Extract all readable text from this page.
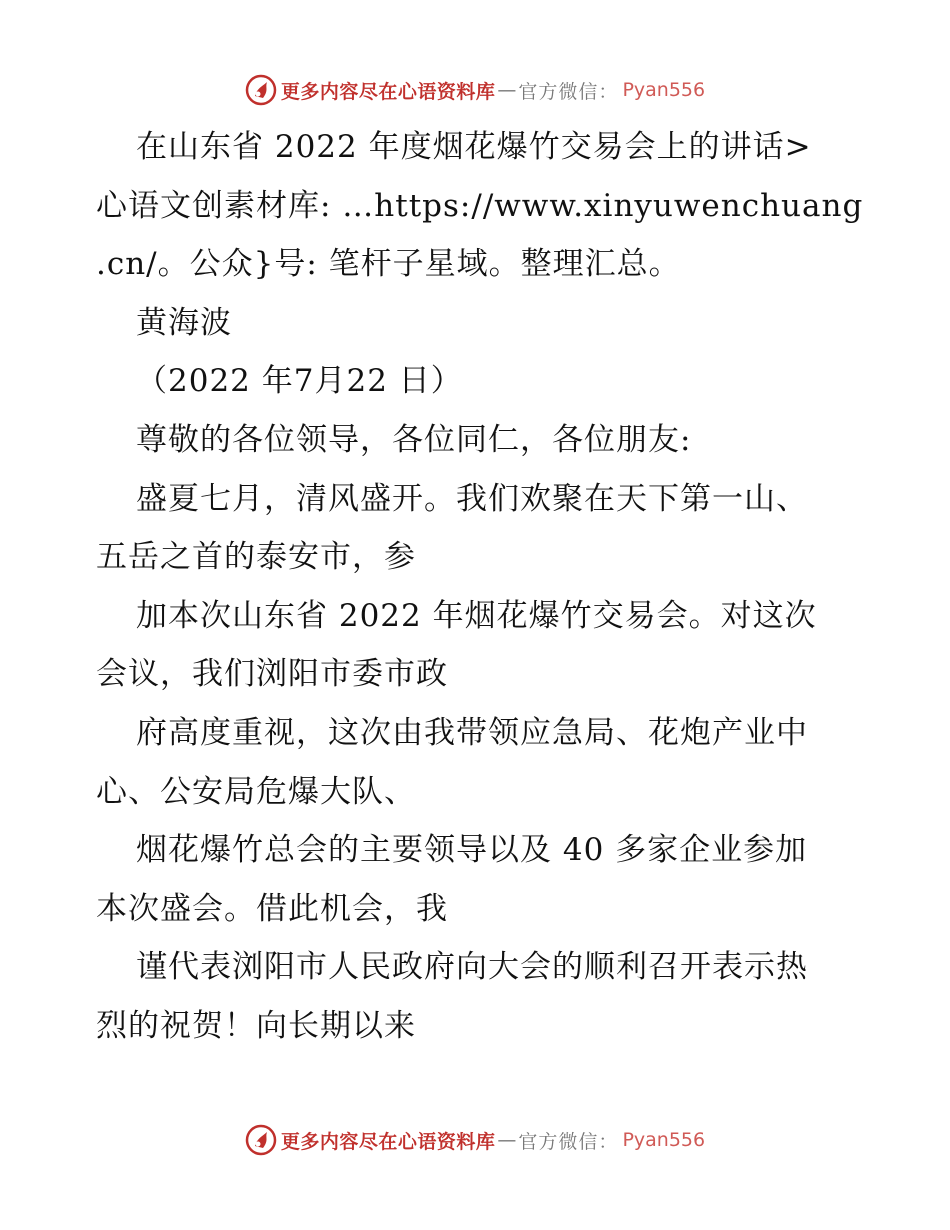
更多内容尽在心语资料库 — 官方微信： Pyan556
在山东省 2022 年度烟花爆竹交易会上的讲话>
心语文创素材库: …https://www.xinyuwenchuang
.cn/。公众}号: 笔杆子星域。整理汇总。
黄海波
（2022 年7月22 日）
尊敬的各位领导，各位同仁，各位朋友:
盛夏七月，清风盛开。我们欢聚在天下第一山、
五岳之首的泰安市，参
加本次山东省 2022 年烟花爆竹交易会。对这次
会议，我们浏阳市委市政
府高度重视，这次由我带领应急局、花炮产业中
心、公安局危爆大队、
烟花爆竹总会的主要领导以及 40 多家企业参加
本次盛会。借此机会，我
谨代表浏阳市人民政府向大会的顺利召开表示热
烈的祝贺！向长期以来
更多内容尽在心语资料库 — 官方微信： Pyan556
